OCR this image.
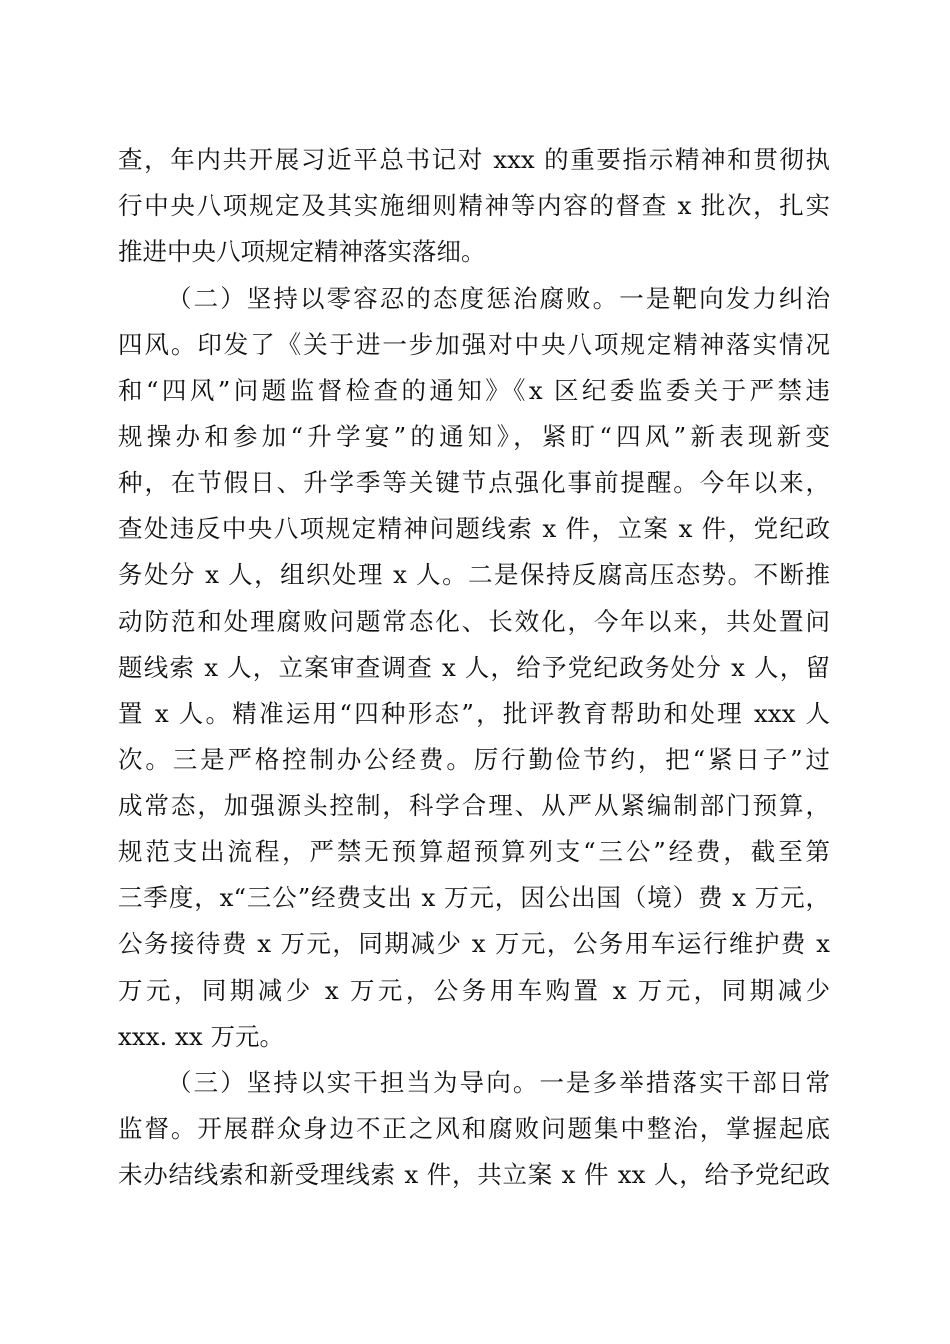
查，年内共开展习近平总书记对 xxx 的重要指示精神和贯彻执
行中央八项规定及其实施细则精神等内容的督查 x 批次，扎实
推进中央八项规定精神落实落细。
（二）坚持以零容忍的态度惩治腐败。一是靶向发力纠治
四风。印发了《关于进一步加强对中央八项规定精神落实情况
和“四风”问题监督检查的通知》《x 区纪委监委关于严禁违
规操办和参加“升学宴”的通知》，紧盯“四风”新表现新变
种，在节假日、升学季等关键节点强化事前提醒。今年以来，
查处违反中央八项规定精神问题线索 x 件，立案 x 件，党纪政
务处分 x 人，组织处理 x 人。二是保持反腐高压态势。不断推
动防范和处理腐败问题常态化、长效化，今年以来，共处置问
题线索 x 人，立案审查调查 x 人，给予党纪政务处分 x 人，留
置 x 人。精准运用“四种形态”，批评教育帮助和处理 xxx 人
次。三是严格控制办公经费。厉行勤俭节约，把“紧日子”过
成常态，加强源头控制，科学合理、从严从紧编制部门预算，
规范支出流程，严禁无预算超预算列支“三公”经费，截至第
三季度，x“三公”经费支出 x 万元，因公出国（境）费 x 万元，
公务接待费 x 万元，同期减少 x 万元，公务用车运行维护费 x
万元，同期减少 x 万元，公务用车购置 x 万元，同期减少
xxx. xx 万元。
（三）坚持以实干担当为导向。一是多举措落实干部日常
监督。开展群众身边不正之风和腐败问题集中整治，掌握起底
未办结线索和新受理线索 x 件，共立案 x 件 xx 人，给予党纪政
